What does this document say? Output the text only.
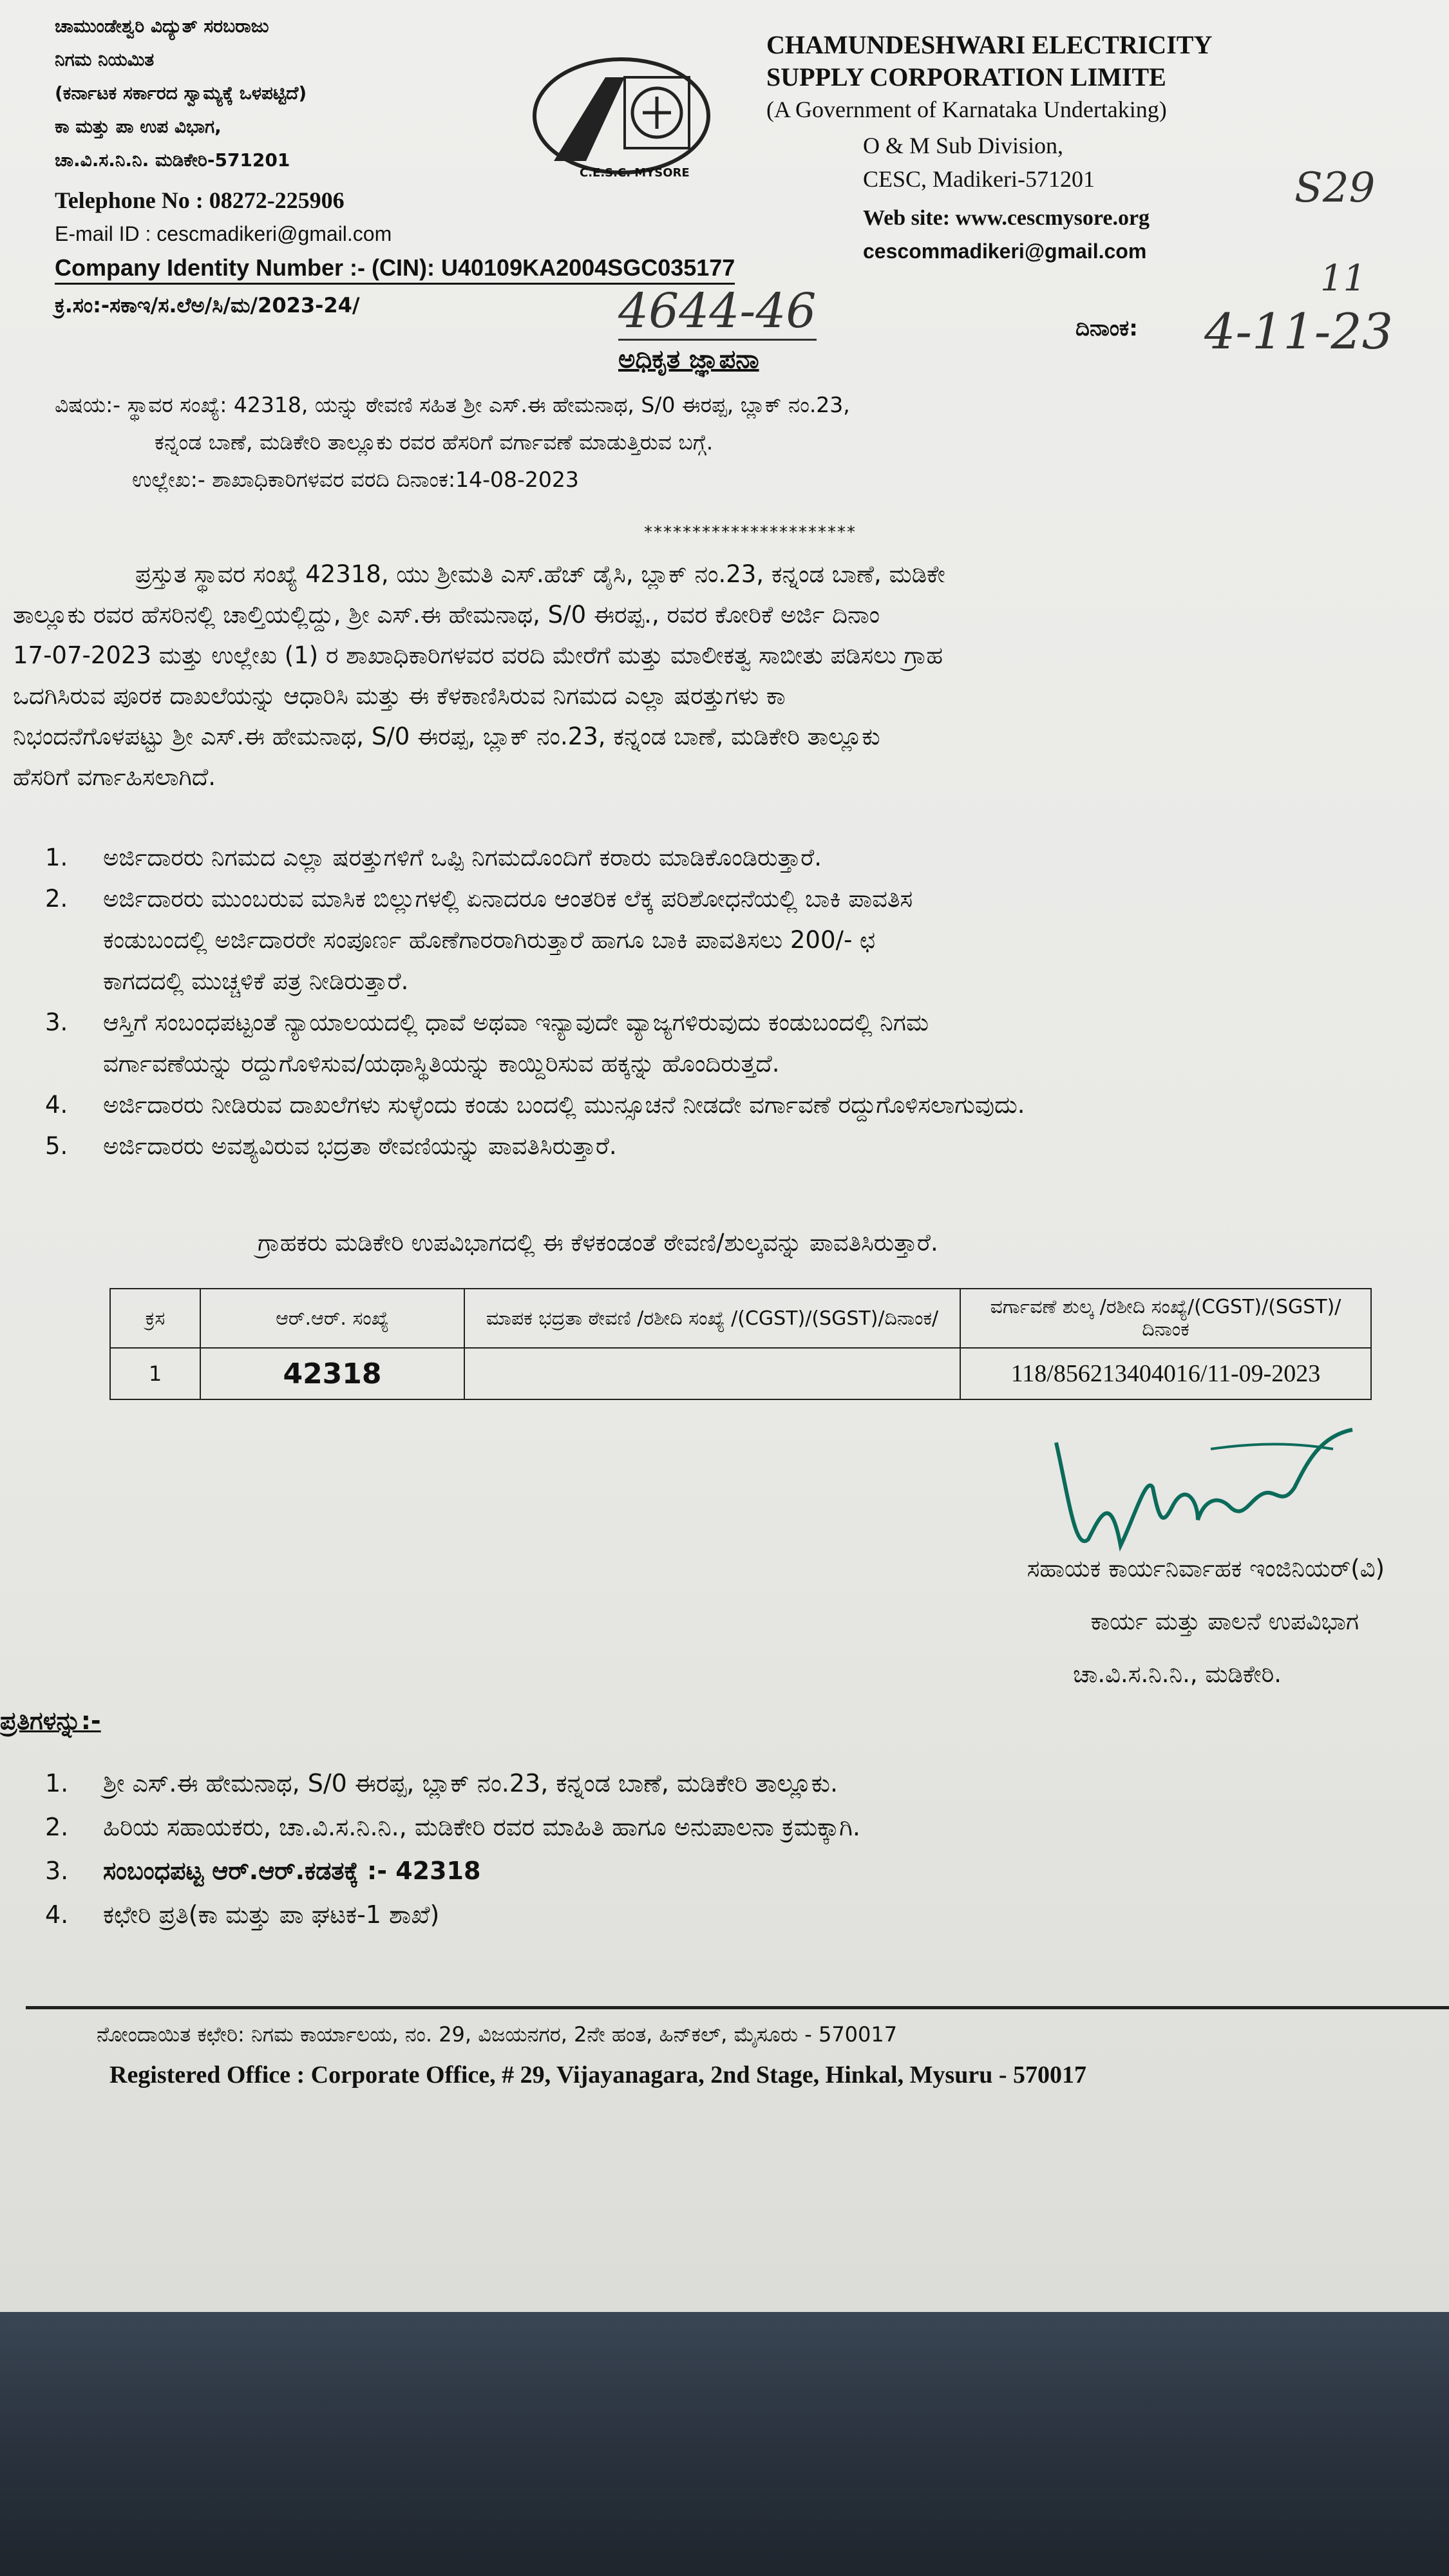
ಚಾಮುಂಡೇಶ್ವರಿ ವಿದ್ಯುತ್ ಸರಬರಾಜು
ನಿಗಮ ನಿಯಮಿತ
(ಕರ್ನಾಟಕ ಸರ್ಕಾರದ ಸ್ವಾಮ್ಯಕ್ಕೆ ಒಳಪಟ್ಟಿದೆ)
ಕಾ ಮತ್ತು ಪಾ ಉಪ ವಿಭಾಗ,
ಚಾ.ವಿ.ಸ.ನಿ.ನಿ. ಮಡಿಕೇರಿ-571201
Telephone No : 08272-225906
E-mail ID : cescmadikeri@gmail.com
Company Identity Number :- (CIN): U40109KA2004SGC035177
C.E.S.C. MYSORE
CHAMUNDESHWARI ELECTRICITY
SUPPLY CORPORATION LIMITE
(A Government of Karnataka Undertaking)
O & M Sub Division,
CESC, Madikeri-571201
Web site: www.cescmysore.org
cescommadikeri@gmail.com
S29
11
ಕ್ರ.ಸಂ:-ಸಕಾಇ/ಸ.ಲೆಅ/ಸಿ/ಮ/2023-24/	4644-46	ದಿನಾಂಕ: 4-11-23
ಅಧಿಕೃತ ಜ್ಞಾಪನಾ
ವಿಷಯ:- ಸ್ಥಾವರ ಸಂಖ್ಯೆ: 42318, ಯನ್ನು ಠೇವಣಿ ಸಹಿತ ಶ್ರೀ ಎಸ್.ಈ ಹೇಮನಾಥ, S/0 ಈರಪ್ಪ, ಬ್ಲಾಕ್ ನಂ.23,
ಕನ್ನಂಡ ಬಾಣೆ, ಮಡಿಕೇರಿ ತಾಲ್ಲೂಕು ರವರ ಹೆಸರಿಗೆ ವರ್ಗಾವಣೆ ಮಾಡುತ್ತಿರುವ ಬಗ್ಗೆ.
ಉಲ್ಲೇಖ:- ಶಾಖಾಧಿಕಾರಿಗಳವರ ವರದಿ ದಿನಾಂಕ:14-08-2023
**********************
ಪ್ರಸ್ತುತ ಸ್ಥಾವರ ಸಂಖ್ಯೆ 42318, ಯು ಶ್ರೀಮತಿ ಎಸ್.ಹೆಚ್ ಡೈಸಿ, ಬ್ಲಾಕ್ ನಂ.23, ಕನ್ನಂಡ ಬಾಣೆ, ಮಡಿಕೇ
ತಾಲ್ಲೂಕು ರವರ ಹೆಸರಿನಲ್ಲಿ ಚಾಲ್ತಿಯಲ್ಲಿದ್ದು, ಶ್ರೀ ಎಸ್.ಈ ಹೇಮನಾಥ, S/0 ಈರಪ್ಪ., ರವರ ಕೋರಿಕೆ ಅರ್ಜಿ ದಿನಾಂ
17-07-2023 ಮತ್ತು ಉಲ್ಲೇಖ (1) ರ ಶಾಖಾಧಿಕಾರಿಗಳವರ ವರದಿ ಮೇರೆಗೆ ಮತ್ತು ಮಾಲೀಕತ್ವ ಸಾಬೀತು ಪಡಿಸಲು ಗ್ರಾಹ
ಒದಗಿಸಿರುವ ಪೂರಕ ದಾಖಲೆಯನ್ನು ಆಧಾರಿಸಿ ಮತ್ತು ಈ ಕೆಳಕಾಣಿಸಿರುವ ನಿಗಮದ ಎಲ್ಲಾ ಷರತ್ತುಗಳು ಕಾ
ನಿಭಂದನೆಗೊಳಪಟ್ಟು ಶ್ರೀ ಎಸ್.ಈ ಹೇಮನಾಥ, S/0 ಈರಪ್ಪ, ಬ್ಲಾಕ್ ನಂ.23, ಕನ್ನಂಡ ಬಾಣೆ, ಮಡಿಕೇರಿ ತಾಲ್ಲೂಕು
ಹೆಸರಿಗೆ ವರ್ಗಾಹಿಸಲಾಗಿದೆ.
1.	ಅರ್ಜಿದಾರರು ನಿಗಮದ ಎಲ್ಲಾ ಷರತ್ತುಗಳಿಗೆ ಒಪ್ಪಿ ನಿಗಮದೊಂದಿಗೆ ಕರಾರು ಮಾಡಿಕೊಂಡಿರುತ್ತಾರೆ.
2.	ಅರ್ಜಿದಾರರು ಮುಂಬರುವ ಮಾಸಿಕ ಬಿಲ್ಲುಗಳಲ್ಲಿ ಏನಾದರೂ ಆಂತರಿಕ ಲೆಕ್ಕ ಪರಿಶೋಧನೆಯಲ್ಲಿ ಬಾಕಿ ಪಾವತಿಸ
ಕಂಡುಬಂದಲ್ಲಿ ಅರ್ಜಿದಾರರೇ ಸಂಪೂರ್ಣ ಹೊಣೆಗಾರರಾಗಿರುತ್ತಾರೆ ಹಾಗೂ ಬಾಕಿ ಪಾವತಿಸಲು 200/- ಛ
ಕಾಗದದಲ್ಲಿ ಮುಚ್ಚಳಿಕೆ ಪತ್ರ ನೀಡಿರುತ್ತಾರೆ.
3.	ಆಸ್ತಿಗೆ ಸಂಬಂಧಪಟ್ಟಂತೆ ನ್ಯಾಯಾಲಯದಲ್ಲಿ ಧಾವೆ ಅಥವಾ ಇನ್ಯಾವುದೇ ವ್ಯಾಜ್ಯಗಳಿರುವುದು ಕಂಡುಬಂದಲ್ಲಿ ನಿಗಮ
ವರ್ಗಾವಣೆಯನ್ನು ರದ್ದುಗೊಳಿಸುವ/ಯಥಾಸ್ಥಿತಿಯನ್ನು ಕಾಯ್ದಿರಿಸುವ ಹಕ್ಕನ್ನು ಹೊಂದಿರುತ್ತದೆ.
4.	ಅರ್ಜಿದಾರರು ನೀಡಿರುವ ದಾಖಲೆಗಳು ಸುಳ್ಳೆಂದು ಕಂಡು ಬಂದಲ್ಲಿ ಮುನ್ಸೂಚನೆ ನೀಡದೇ ವರ್ಗಾವಣೆ ರದ್ದುಗೊಳಿಸಲಾಗುವುದು.
5.	ಅರ್ಜಿದಾರರು ಅವಶ್ಯವಿರುವ ಭದ್ರತಾ ಠೇವಣಿಯನ್ನು ಪಾವತಿಸಿರುತ್ತಾರೆ.
ಗ್ರಾಹಕರು ಮಡಿಕೇರಿ ಉಪವಿಭಾಗದಲ್ಲಿ ಈ ಕೆಳಕಂಡಂತೆ ಠೇವಣಿ/ಶುಲ್ಕವನ್ನು ಪಾವತಿಸಿರುತ್ತಾರೆ.
ಕ್ರಸ	ಆರ್.ಆರ್. ಸಂಖ್ಯೆ	ಮಾಪಕ ಭದ್ರತಾ ಠೇವಣಿ /ರಶೀದಿ ಸಂಖ್ಯೆ /(CGST)/(SGST)/ದಿನಾಂಕ/	ವರ್ಗಾವಣೆ ಶುಲ್ಕ /ರಶೀದಿ ಸಂಖ್ಯೆ/(CGST)/(SGST)/ದಿನಾಂಕ
1	42318		118/856213404016/11-09-2023
ಸಹಾಯಕ ಕಾರ್ಯನಿರ್ವಾಹಕ ಇಂಜಿನಿಯರ್(ವಿ)
ಕಾರ್ಯ ಮತ್ತು ಪಾಲನೆ ಉಪವಿಭಾಗ
ಚಾ.ವಿ.ಸ.ನಿ.ನಿ., ಮಡಿಕೇರಿ.
ಪ್ರತಿಗಳನ್ನು:-
1.	ಶ್ರೀ ಎಸ್.ಈ ಹೇಮನಾಥ, S/0 ಈರಪ್ಪ, ಬ್ಲಾಕ್ ನಂ.23, ಕನ್ನಂಡ ಬಾಣೆ, ಮಡಿಕೇರಿ ತಾಲ್ಲೂಕು.
2.	ಹಿರಿಯ ಸಹಾಯಕರು, ಚಾ.ವಿ.ಸ.ನಿ.ನಿ., ಮಡಿಕೇರಿ ರವರ ಮಾಹಿತಿ ಹಾಗೂ ಅನುಪಾಲನಾ ಕ್ರಮಕ್ಕಾಗಿ.
3.	ಸಂಬಂಧಪಟ್ಟ ಆರ್.ಆರ್.ಕಡತಕ್ಕೆ :- 42318
4.	ಕಛೇರಿ ಪ್ರತಿ(ಕಾ ಮತ್ತು ಪಾ ಘಟಕ-1 ಶಾಖೆ)
ನೋಂದಾಯಿತ ಕಛೇರಿ: ನಿಗಮ ಕಾರ್ಯಾಲಯ, ನಂ. 29, ವಿಜಯನಗರ, 2ನೇ ಹಂತ, ಹಿನ್‌ಕಲ್, ಮೈಸೂರು - 570017
Registered Office : Corporate Office, # 29, Vijayanagara, 2nd Stage, Hinkal, Mysuru - 570017
